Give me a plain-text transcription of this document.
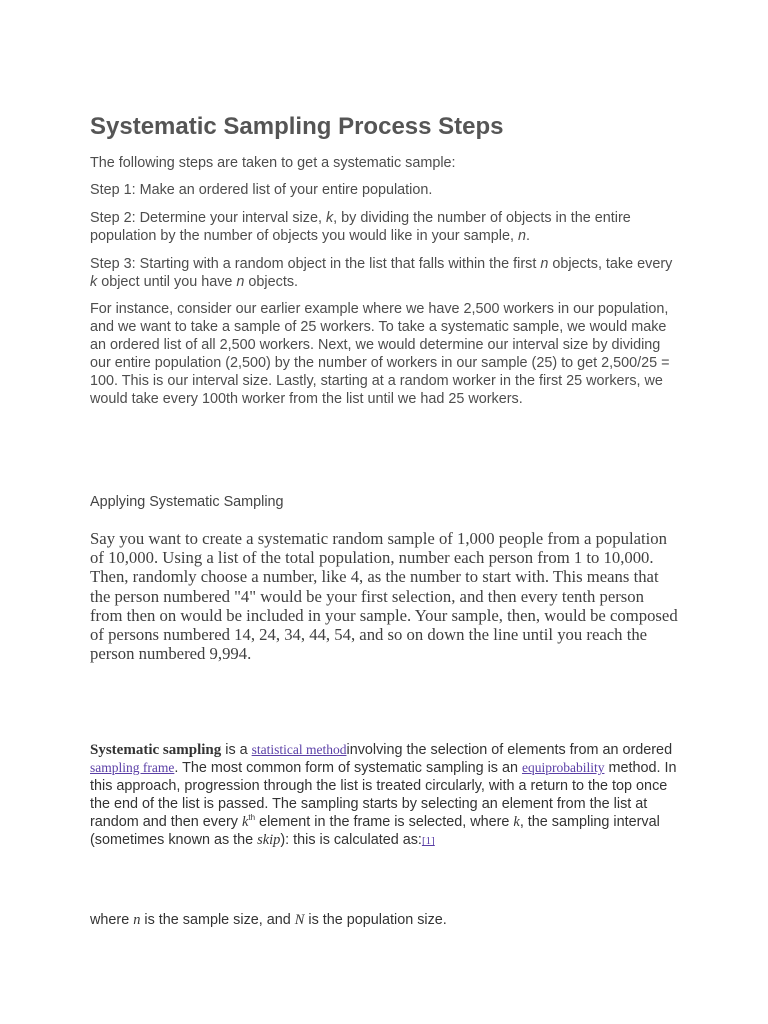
Systematic Sampling Process Steps

The following steps are taken to get a systematic sample:

Step 1: Make an ordered list of your entire population.

Step 2: Determine your interval size, k, by dividing the number of objects in the entire population by the number of objects you would like in your sample, n.

Step 3: Starting with a random object in the list that falls within the first n objects, take every k object until you have n objects.

For instance, consider our earlier example where we have 2,500 workers in our population, and we want to take a sample of 25 workers. To take a systematic sample, we would make an ordered list of all 2,500 workers. Next, we would determine our interval size by dividing our entire population (2,500) by the number of workers in our sample (25) to get 2,500/25 = 100. This is our interval size. Lastly, starting at a random worker in the first 25 workers, we would take every 100th worker from the list until we had 25 workers.

Applying Systematic Sampling

Say you want to create a systematic random sample of 1,000 people from a population of 10,000. Using a list of the total population, number each person from 1 to 10,000. Then, randomly choose a number, like 4, as the number to start with. This means that the person numbered "4" would be your first selection, and then every tenth person from then on would be included in your sample. Your sample, then, would be composed of persons numbered 14, 24, 34, 44, 54, and so on down the line until you reach the person numbered 9,994.

Systematic sampling is a statistical methodinvolving the selection of elements from an ordered sampling frame. The most common form of systematic sampling is an equiprobability method. In this approach, progression through the list is treated circularly, with a return to the top once the end of the list is passed. The sampling starts by selecting an element from the list at random and then every $k^{th}$ element in the frame is selected, where k, the sampling interval (sometimes known as the skip): this is calculated as:[1]

where n is the sample size, and N is the population size.
